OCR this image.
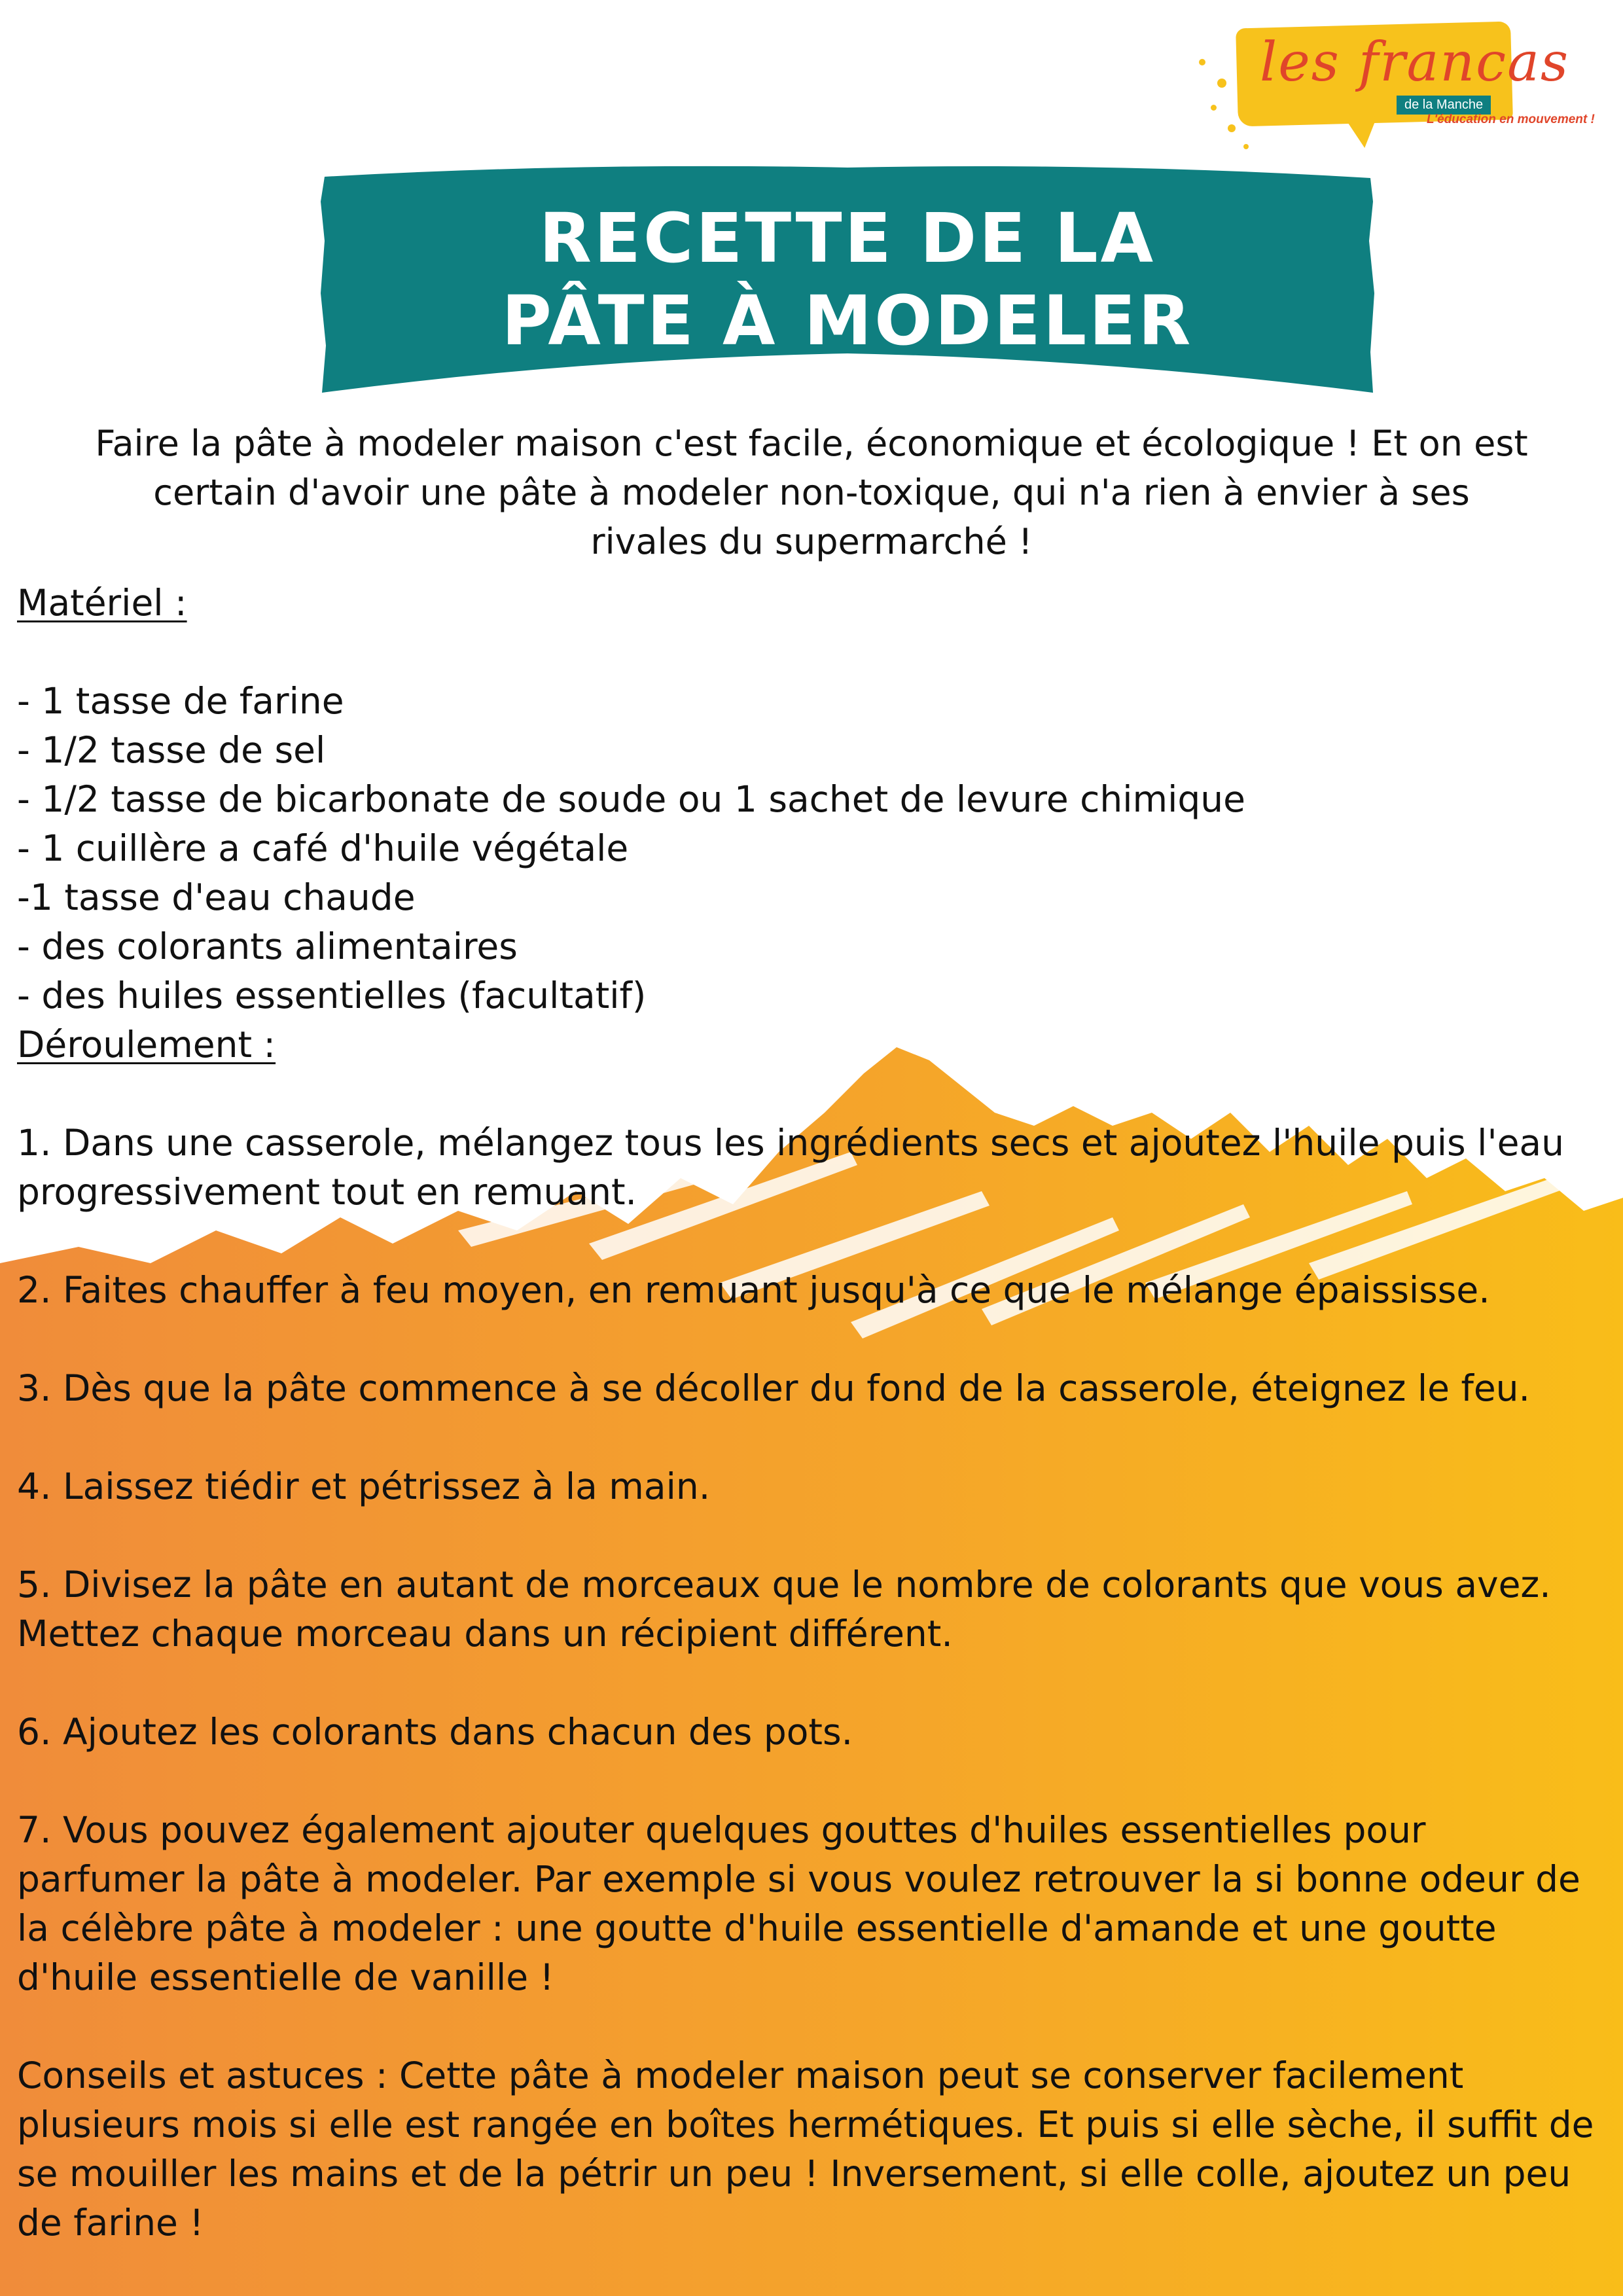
les francas
de la Manche
L'éducation en mouvement !
RECETTE DE LA
PÂTE À MODELER
Faire la pâte à modeler maison c'est facile, économique et écologique ! Et on est certain d'avoir une pâte à modeler non-toxique, qui n'a rien à envier à ses rivales du supermarché !

Matériel :

- 1 tasse de farine
- 1/2 tasse de sel
- 1/2 tasse de bicarbonate de soude ou 1 sachet de levure chimique
- 1 cuillère a café d'huile végétale
-1 tasse d'eau chaude
- des colorants alimentaires
- des huiles essentielles (facultatif)

Déroulement :

1. Dans une casserole, mélangez tous les ingrédients secs et ajoutez l'huile puis l'eau progressivement tout en remuant.

2. Faites chauffer à feu moyen, en remuant jusqu'à ce que le mélange épaississe.

3. Dès que la pâte commence à se décoller du fond de la casserole, éteignez le feu.

4. Laissez tiédir et pétrissez à la main.

5. Divisez la pâte en autant de morceaux que le nombre de colorants que vous avez. Mettez chaque morceau dans un récipient différent.

6. Ajoutez les colorants dans chacun des pots.

7. Vous pouvez également ajouter quelques gouttes d'huiles essentielles pour parfumer la pâte à modeler. Par exemple si vous voulez retrouver la si bonne odeur de la célèbre pâte à modeler : une goutte d'huile essentielle d'amande et une goutte d'huile essentielle de vanille !

Conseils et astuces : Cette pâte à modeler maison peut se conserver facilement plusieurs mois si elle est rangée en boîtes hermétiques. Et puis si elle sèche, il suffit de se mouiller les mains et de la pétrir un peu ! Inversement, si elle colle, ajoutez un peu de farine !
